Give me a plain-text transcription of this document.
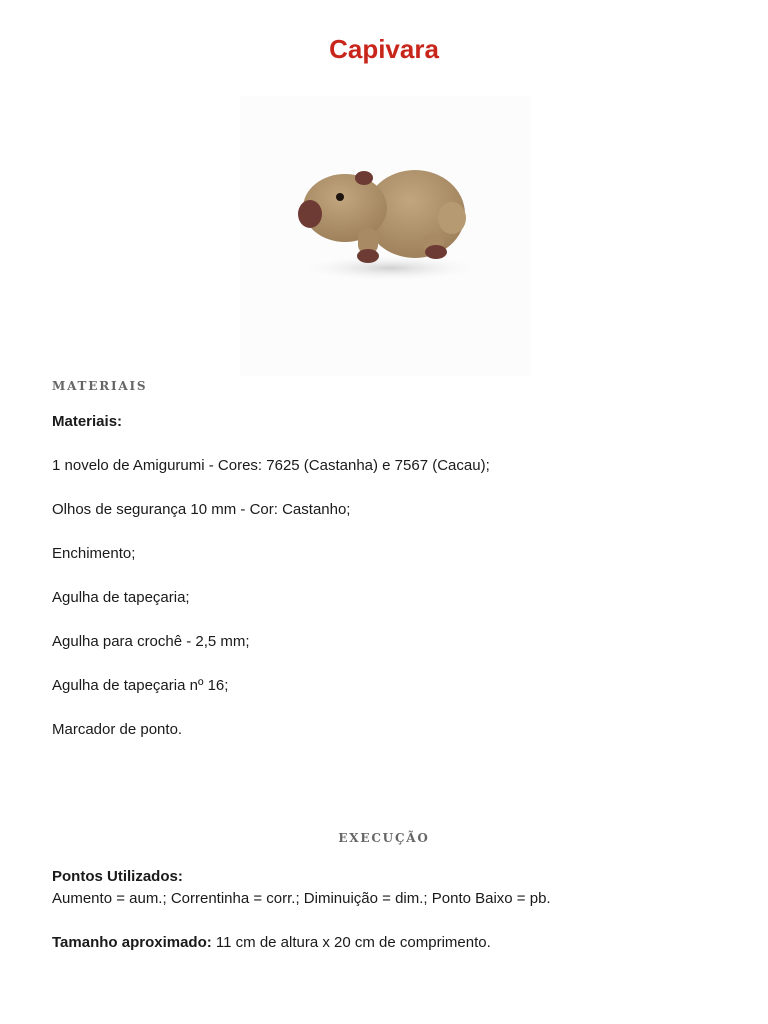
Capivara
MATERIAIS

Materiais:

1 novelo de Amigurumi - Cores: 7625 (Castanha) e 7567 (Cacau);

Olhos de segurança 10 mm - Cor: Castanho;

Enchimento;

Agulha de tapeçaria;

Agulha para crochê - 2,5 mm;

Agulha de tapeçaria nº 16;

Marcador de ponto.

EXECUÇÃO

Pontos Utilizados:
Aumento = aum.; Correntinha = corr.; Diminuição = dim.; Ponto Baixo = pb.

Tamanho aproximado: 11 cm de altura x 20 cm de comprimento.
